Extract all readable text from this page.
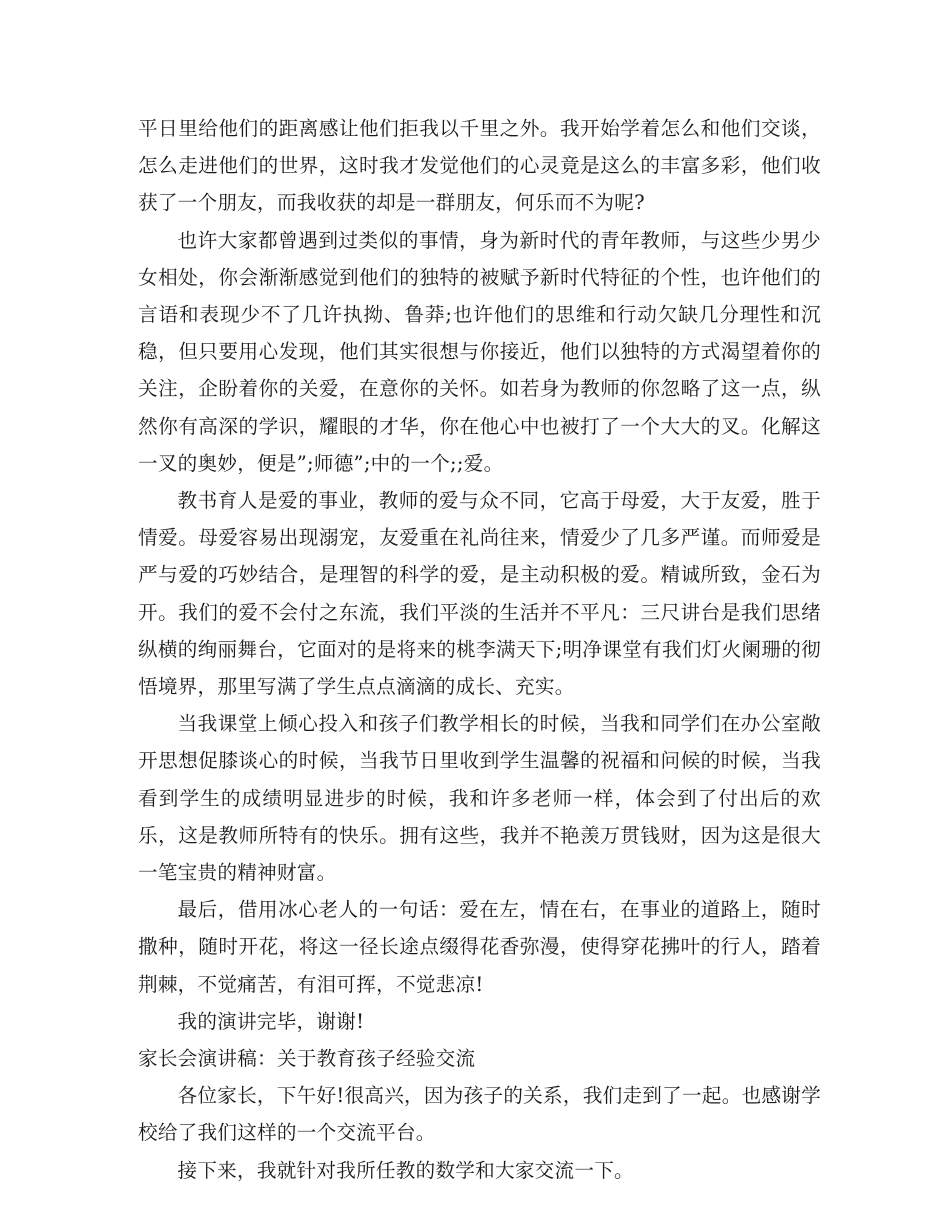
平日里给他们的距离感让他们拒我以千里之外。我开始学着怎么和他们交谈，怎么走进他们的世界，这时我才发觉他们的心灵竟是这么的丰富多彩，他们收获了一个朋友，而我收获的却是一群朋友，何乐而不为呢?

也许大家都曾遇到过类似的事情，身为新时代的青年教师，与这些少男少女相处，你会渐渐感觉到他们的独特的被赋予新时代特征的个性，也许他们的言语和表现少不了几许执拗、鲁莽;也许他们的思维和行动欠缺几分理性和沉稳，但只要用心发现，他们其实很想与你接近，他们以独特的方式渴望着你的关注，企盼着你的关爱，在意你的关怀。如若身为教师的你忽略了这一点，纵然你有高深的学识，耀眼的才华，你在他心中也被打了一个大大的叉。化解这一叉的奥妙，便是”;师德”;中的一个;;爱。

教书育人是爱的事业，教师的爱与众不同，它高于母爱，大于友爱，胜于情爱。母爱容易出现溺宠，友爱重在礼尚往来，情爱少了几多严谨。而师爱是严与爱的巧妙结合，是理智的科学的爱，是主动积极的爱。精诚所致，金石为开。我们的爱不会付之东流，我们平淡的生活并不平凡：三尺讲台是我们思绪纵横的绚丽舞台，它面对的是将来的桃李满天下;明净课堂有我们灯火阑珊的彻悟境界，那里写满了学生点点滴滴的成长、充实。

当我课堂上倾心投入和孩子们教学相长的时候，当我和同学们在办公室敞开思想促膝谈心的时候，当我节日里收到学生温馨的祝福和问候的时候，当我看到学生的成绩明显进步的时候，我和许多老师一样，体会到了付出后的欢乐，这是教师所特有的快乐。拥有这些，我并不艳羡万贯钱财，因为这是很大一笔宝贵的精神财富。

最后，借用冰心老人的一句话：爱在左，情在右，在事业的道路上，随时撒种，随时开花，将这一径长途点缀得花香弥漫，使得穿花拂叶的行人，踏着荆棘，不觉痛苦，有泪可挥，不觉悲凉!

我的演讲完毕，谢谢!

家长会演讲稿：关于教育孩子经验交流

各位家长，下午好!很高兴，因为孩子的关系，我们走到了一起。也感谢学校给了我们这样的一个交流平台。

接下来，我就针对我所任教的数学和大家交流一下。
